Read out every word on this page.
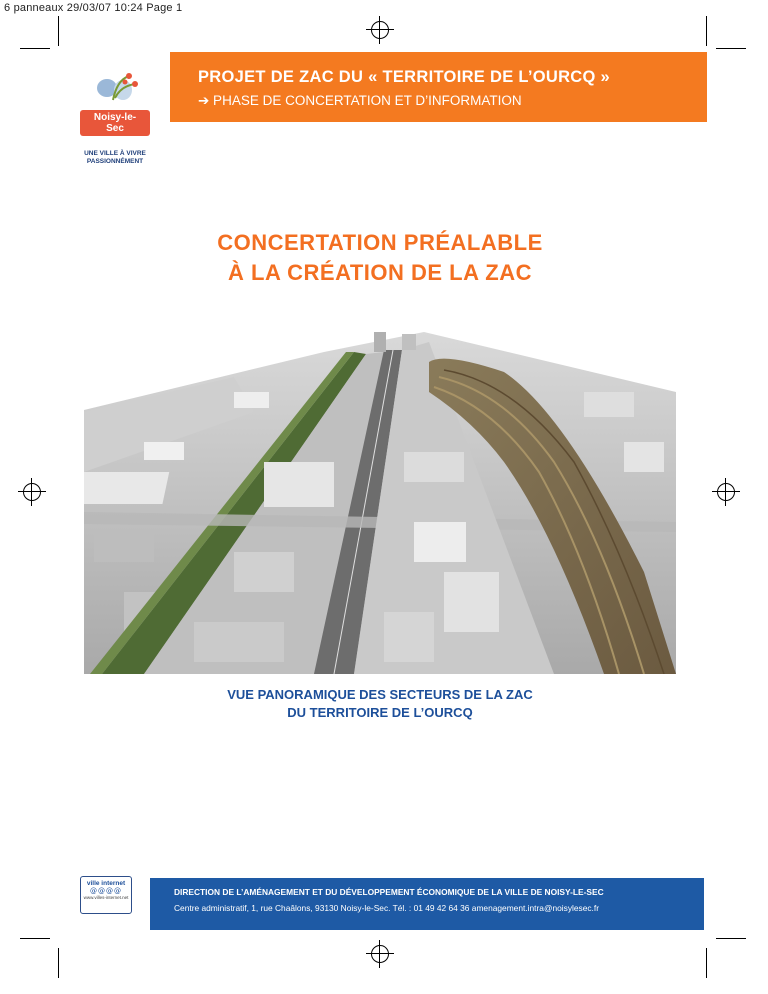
6 panneaux 29/03/07 10:24 Page 1
Noisy-le-Sec
UNE VILLE À VIVRE
PASSIONNÉMENT
PROJET DE ZAC DU « TERRITOIRE DE L’OURCQ »
➔ PHASE DE CONCERTATION ET D’INFORMATION
CONCERTATION PRÉALABLE
À LA CRÉATION DE LA ZAC
VUE PANORAMIQUE DES SECTEURS DE LA ZAC
DU TERRITOIRE DE L’OURCQ
ville internet
@@@@
www.villes-internet.net
DIRECTION DE L’AMÉNAGEMENT ET DU DÉVELOPPEMENT ÉCONOMIQUE DE LA VILLE DE NOISY-LE-SEC
Centre administratif, 1, rue Chaâlons, 93130 Noisy-le-Sec. Tél. : 01 49 42 64 36 amenagement.intra@noisylesec.fr
